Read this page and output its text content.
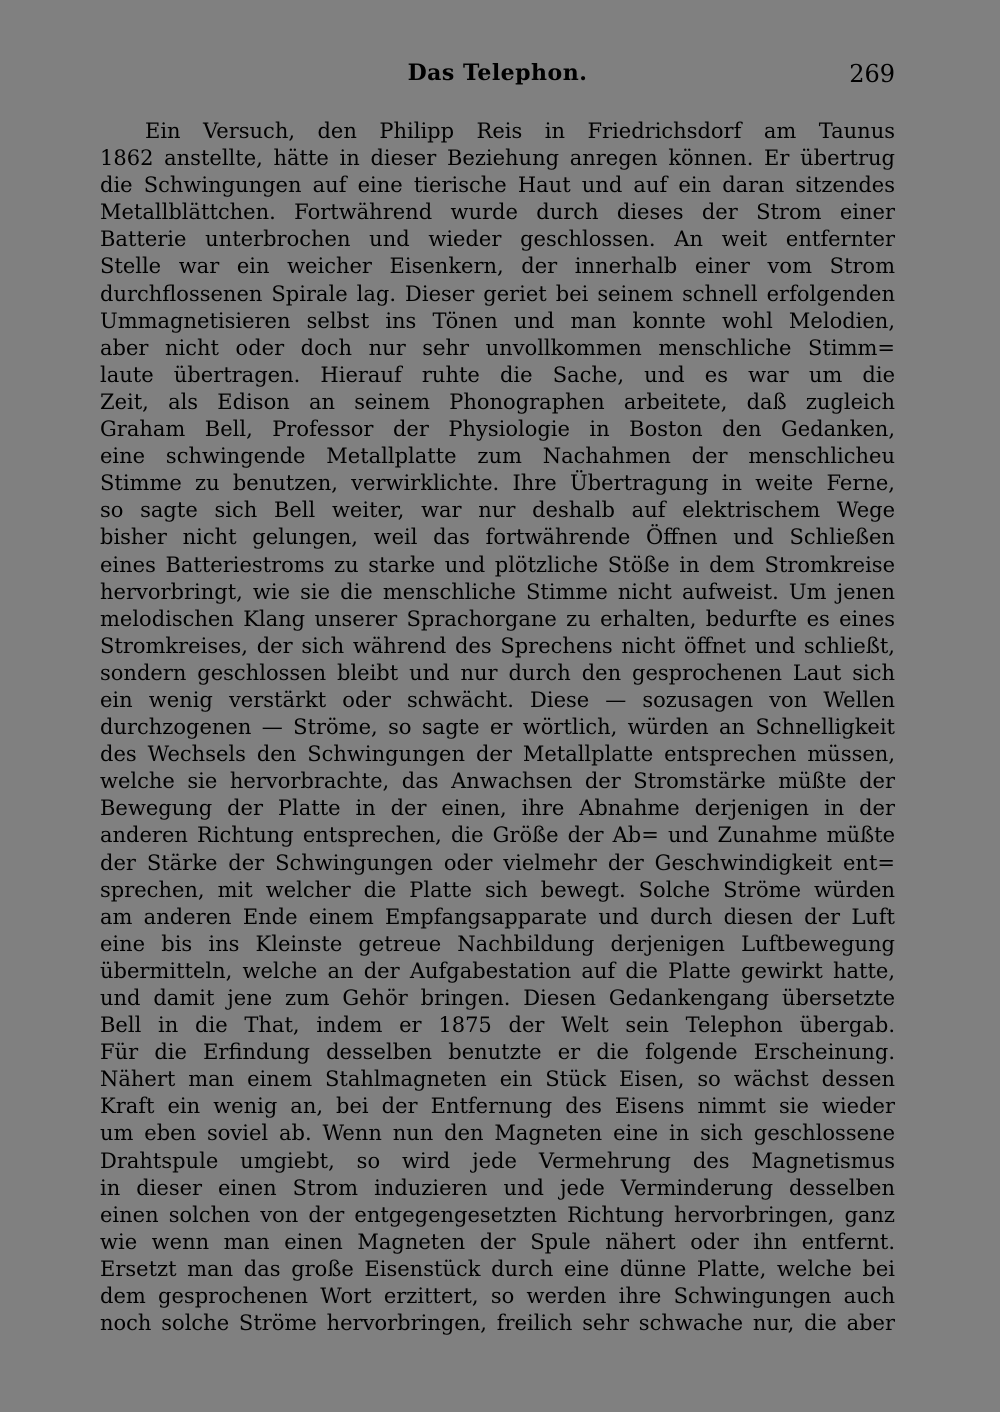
Das Telephon.	269
Ein Versuch, den Philipp Reis in Friedrichsdorf am Taunus
1862 anstellte, hätte in dieser Beziehung anregen können. Er übertrug
die Schwingungen auf eine tierische Haut und auf ein daran sitzendes
Metallblättchen. Fortwährend wurde durch dieses der Strom einer
Batterie unterbrochen und wieder geschlossen. An weit entfernter
Stelle war ein weicher Eisenkern, der innerhalb einer vom Strom
durchflossenen Spirale lag. Dieser geriet bei seinem schnell erfolgenden
Ummagnetisieren selbst ins Tönen und man konnte wohl Melodien,
aber nicht oder doch nur sehr unvollkommen menschliche Stimm=
laute übertragen. Hierauf ruhte die Sache, und es war um die
Zeit, als Edison an seinem Phonographen arbeitete, daß zugleich
Graham Bell, Professor der Physiologie in Boston den Gedanken,
eine schwingende Metallplatte zum Nachahmen der menschlicheu
Stimme zu benutzen, verwirklichte. Ihre Übertragung in weite Ferne,
so sagte sich Bell weiter, war nur deshalb auf elektrischem Wege
bisher nicht gelungen, weil das fortwährende Öffnen und Schließen
eines Batteriestroms zu starke und plötzliche Stöße in dem Stromkreise
hervorbringt, wie sie die menschliche Stimme nicht aufweist. Um jenen
melodischen Klang unserer Sprachorgane zu erhalten, bedurfte es eines
Stromkreises, der sich während des Sprechens nicht öffnet und schließt,
sondern geschlossen bleibt und nur durch den gesprochenen Laut sich
ein wenig verstärkt oder schwächt. Diese — sozusagen von Wellen
durchzogenen — Ströme, so sagte er wörtlich, würden an Schnelligkeit
des Wechsels den Schwingungen der Metallplatte entsprechen müssen,
welche sie hervorbrachte, das Anwachsen der Stromstärke müßte der
Bewegung der Platte in der einen, ihre Abnahme derjenigen in der
anderen Richtung entsprechen, die Größe der Ab= und Zunahme müßte
der Stärke der Schwingungen oder vielmehr der Geschwindigkeit ent=
sprechen, mit welcher die Platte sich bewegt. Solche Ströme würden
am anderen Ende einem Empfangsapparate und durch diesen der Luft
eine bis ins Kleinste getreue Nachbildung derjenigen Luftbewegung
übermitteln, welche an der Aufgabestation auf die Platte gewirkt hatte,
und damit jene zum Gehör bringen. Diesen Gedankengang übersetzte
Bell in die That, indem er 1875 der Welt sein Telephon übergab.
Für die Erfindung desselben benutzte er die folgende Erscheinung.
Nähert man einem Stahlmagneten ein Stück Eisen, so wächst dessen
Kraft ein wenig an, bei der Entfernung des Eisens nimmt sie wieder
um eben soviel ab. Wenn nun den Magneten eine in sich geschlossene
Drahtspule umgiebt, so wird jede Vermehrung des Magnetismus
in dieser einen Strom induzieren und jede Verminderung desselben
einen solchen von der entgegengesetzten Richtung hervorbringen, ganz
wie wenn man einen Magneten der Spule nähert oder ihn entfernt.
Ersetzt man das große Eisenstück durch eine dünne Platte, welche bei
dem gesprochenen Wort erzittert, so werden ihre Schwingungen auch
noch solche Ströme hervorbringen, freilich sehr schwache nur, die aber
